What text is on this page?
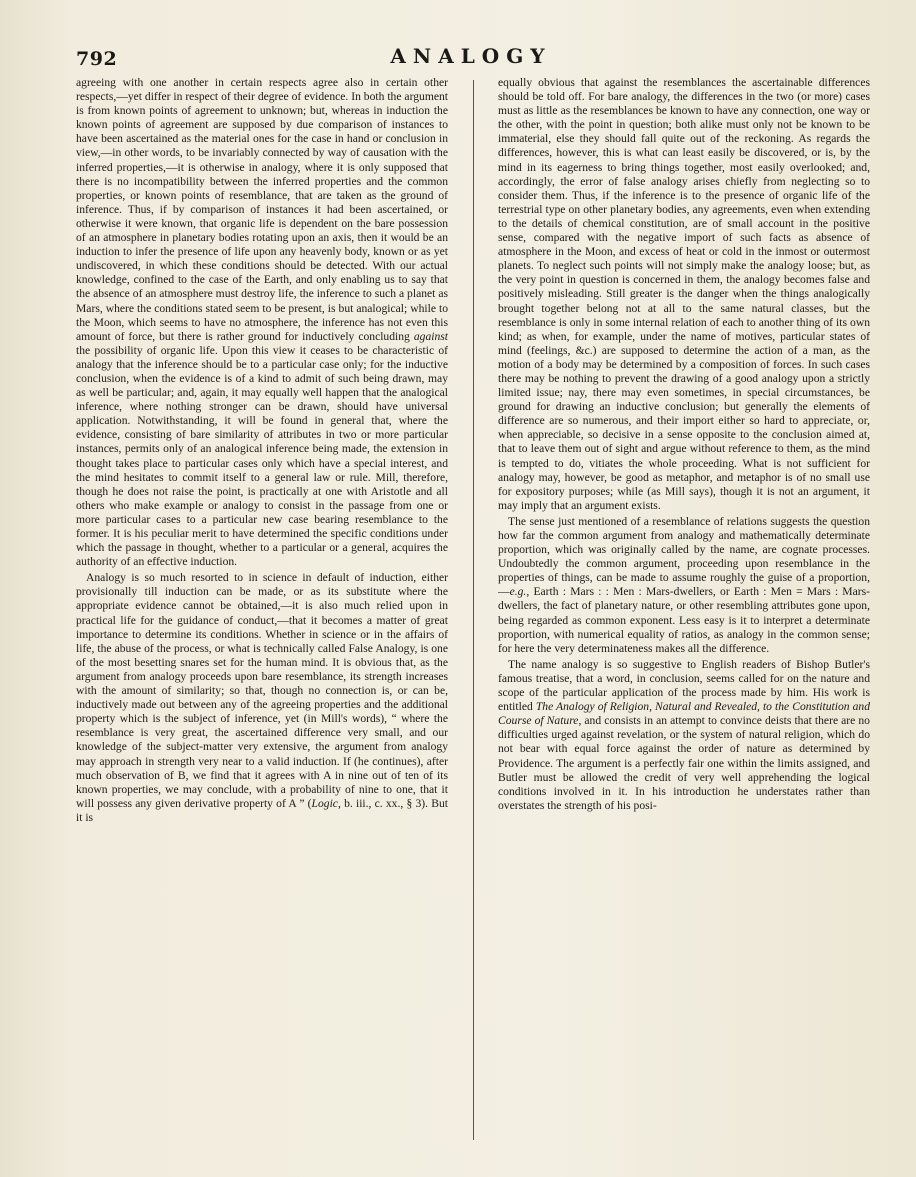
792	ANALOGY

agreeing with one another in certain respects agree also in certain other respects,—yet differ in respect of their degree of evidence. In both the argument is from known points of agreement to unknown; but, whereas in induction the known points of agreement are supposed by due comparison of instances to have been ascertained as the material ones for the case in hand or conclusion in view,—in other words, to be invariably connected by way of causation with the inferred properties,—it is otherwise in analogy, where it is only supposed that there is no incompatibility between the inferred properties and the common properties, or known points of resemblance, that are taken as the ground of inference. Thus, if by comparison of instances it had been ascertained, or otherwise it were known, that organic life is dependent on the bare possession of an atmosphere in planetary bodies rotating upon an axis, then it would be an induction to infer the presence of life upon any heavenly body, known or as yet undiscovered, in which these conditions should be detected. With our actual knowledge, confined to the case of the Earth, and only enabling us to say that the absence of an atmosphere must destroy life, the inference to such a planet as Mars, where the conditions stated seem to be present, is but analogical; while to the Moon, which seems to have no atmosphere, the inference has not even this amount of force, but there is rather ground for inductively concluding against the possibility of organic life. Upon this view it ceases to be characteristic of analogy that the inference should be to a particular case only; for the inductive conclusion, when the evidence is of a kind to admit of such being drawn, may as well be particular; and, again, it may equally well happen that the analogical inference, where nothing stronger can be drawn, should have universal application. Notwithstanding, it will be found in general that, where the evidence, consisting of bare similarity of attributes in two or more particular instances, permits only of an analogical inference being made, the extension in thought takes place to particular cases only which have a special interest, and the mind hesitates to commit itself to a general law or rule. Mill, therefore, though he does not raise the point, is practically at one with Aristotle and all others who make example or analogy to consist in the passage from one or more particular cases to a particular new case bearing resemblance to the former. It is his peculiar merit to have determined the specific conditions under which the passage in thought, whether to a particular or a general, acquires the authority of an effective induction.

Analogy is so much resorted to in science in default of induction, either provisionally till induction can be made, or as its substitute where the appropriate evidence cannot be obtained,—it is also much relied upon in practical life for the guidance of conduct,—that it becomes a matter of great importance to determine its conditions. Whether in science or in the affairs of life, the abuse of the process, or what is technically called False Analogy, is one of the most besetting snares set for the human mind. It is obvious that, as the argument from analogy proceeds upon bare resemblance, its strength increases with the amount of similarity; so that, though no connection is, or can be, inductively made out between any of the agreeing properties and the additional property which is the subject of inference, yet (in Mill's words), “ where the resemblance is very great, the ascertained difference very small, and our knowledge of the subject-matter very extensive, the argument from analogy may approach in strength very near to a valid induction. If (he continues), after much observation of B, we find that it agrees with A in nine out of ten of its known properties, we may conclude, with a probability of nine to one, that it will possess any given derivative property of A ” (Logic, b. iii., c. xx., § 3). But it is

equally obvious that against the resemblances the ascertainable differences should be told off. For bare analogy, the differences in the two (or more) cases must as little as the resemblances be known to have any connection, one way or the other, with the point in question; both alike must only not be known to be immaterial, else they should fall quite out of the reckoning. As regards the differences, however, this is what can least easily be discovered, or is, by the mind in its eagerness to bring things together, most easily overlooked; and, accordingly, the error of false analogy arises chiefly from neglecting so to consider them. Thus, if the inference is to the presence of organic life of the terrestrial type on other planetary bodies, any agreements, even when extending to the details of chemical constitution, are of small account in the positive sense, compared with the negative import of such facts as absence of atmosphere in the Moon, and excess of heat or cold in the inmost or outermost planets. To neglect such points will not simply make the analogy loose; but, as the very point in question is concerned in them, the analogy becomes false and positively misleading. Still greater is the danger when the things analogically brought together belong not at all to the same natural classes, but the resemblance is only in some internal relation of each to another thing of its own kind; as when, for example, under the name of motives, particular states of mind (feelings, &c.) are supposed to determine the action of a man, as the motion of a body may be determined by a composition of forces. In such cases there may be nothing to prevent the drawing of a good analogy upon a strictly limited issue; nay, there may even sometimes, in special circumstances, be ground for drawing an inductive conclusion; but generally the elements of difference are so numerous, and their import either so hard to appreciate, or, when appreciable, so decisive in a sense opposite to the conclusion aimed at, that to leave them out of sight and argue without reference to them, as the mind is tempted to do, vitiates the whole proceeding. What is not sufficient for analogy may, however, be good as metaphor, and metaphor is of no small use for expository purposes; while (as Mill says), though it is not an argument, it may imply that an argument exists.

The sense just mentioned of a resemblance of relations suggests the question how far the common argument from analogy and mathematically determinate proportion, which was originally called by the name, are cognate processes. Undoubtedly the common argument, proceeding upon resemblance in the properties of things, can be made to assume roughly the guise of a proportion,—e.g., Earth : Mars : : Men : Mars-dwellers, or Earth : Men = Mars : Mars-dwellers, the fact of planetary nature, or other resembling attributes gone upon, being regarded as common exponent. Less easy is it to interpret a determinate proportion, with numerical equality of ratios, as analogy in the common sense; for here the very determinateness makes all the difference.

The name analogy is so suggestive to English readers of Bishop Butler's famous treatise, that a word, in conclusion, seems called for on the nature and scope of the particular application of the process made by him. His work is entitled The Analogy of Religion, Natural and Revealed, to the Constitution and Course of Nature, and consists in an attempt to convince deists that there are no difficulties urged against revelation, or the system of natural religion, which do not bear with equal force against the order of nature as determined by Providence. The argument is a perfectly fair one within the limits assigned, and Butler must be allowed the credit of very well apprehending the logical conditions involved in it. In his introduction he understates rather than overstates the strength of his posi-
